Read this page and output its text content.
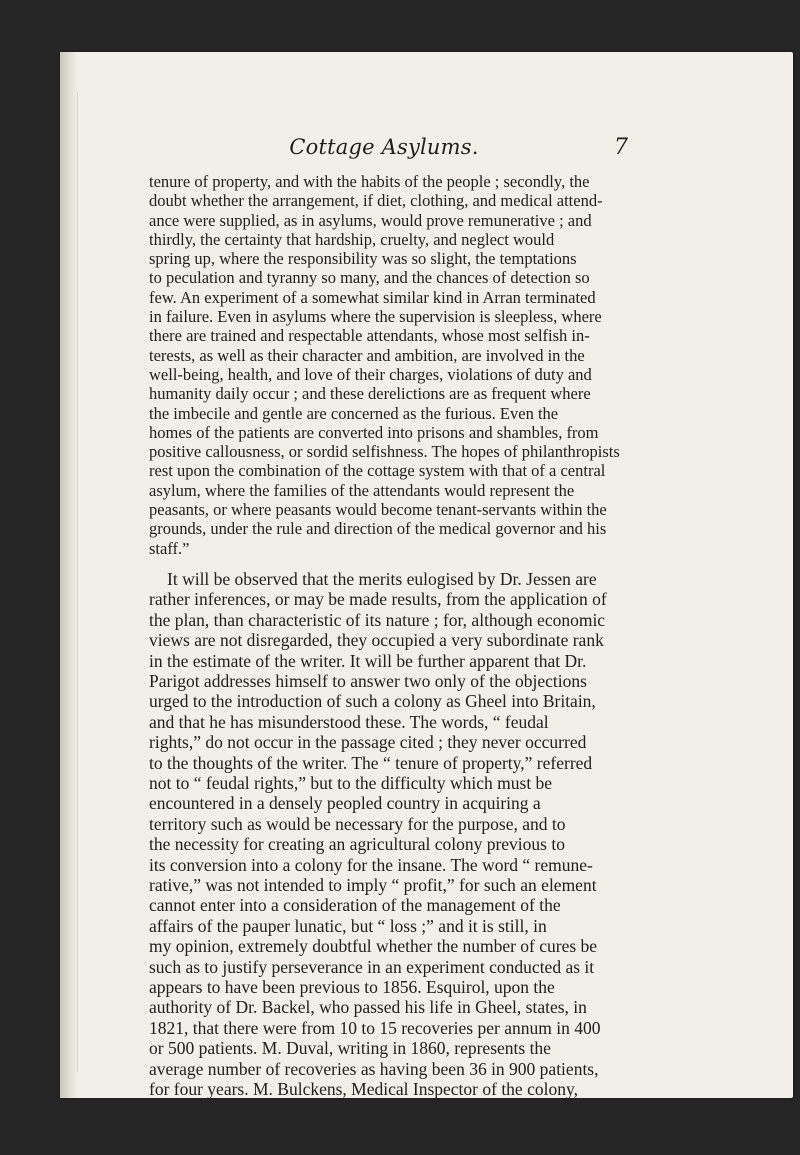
Cottage Asylums.	7

tenure of property, and with the habits of the people ; secondly, the
doubt whether the arrangement, if diet, clothing, and medical attend-
ance were supplied, as in asylums, would prove remunerative ; and
thirdly, the certainty that hardship, cruelty, and neglect would
spring up, where the responsibility was so slight, the temptations
to peculation and tyranny so many, and the chances of detection so
few. An experiment of a somewhat similar kind in Arran terminated
in failure. Even in asylums where the supervision is sleepless, where
there are trained and respectable attendants, whose most selfish in-
terests, as well as their character and ambition, are involved in the
well-being, health, and love of their charges, violations of duty and
humanity daily occur ; and these derelictions are as frequent where
the imbecile and gentle are concerned as the furious. Even the
homes of the patients are converted into prisons and shambles, from
positive callousness, or sordid selfishness. The hopes of philanthropists
rest upon the combination of the cottage system with that of a central
asylum, where the families of the attendants would represent the
peasants, or where peasants would become tenant-servants within the
grounds, under the rule and direction of the medical governor and his
staff.”

It will be observed that the merits eulogised by Dr. Jessen are
rather inferences, or may be made results, from the application of
the plan, than characteristic of its nature ; for, although economic
views are not disregarded, they occupied a very subordinate rank
in the estimate of the writer. It will be further apparent that Dr.
Parigot addresses himself to answer two only of the objections
urged to the introduction of such a colony as Gheel into Britain,
and that he has misunderstood these. The words, “ feudal
rights,” do not occur in the passage cited ; they never occurred
to the thoughts of the writer. The “ tenure of property,” referred
not to “ feudal rights,” but to the difficulty which must be
encountered in a densely peopled country in acquiring a
territory such as would be necessary for the purpose, and to
the necessity for creating an agricultural colony previous to
its conversion into a colony for the insane. The word “ remune-
rative,” was not intended to imply “ profit,” for such an element
cannot enter into a consideration of the management of the
affairs of the pauper lunatic, but “ loss ;” and it is still, in
my opinion, extremely doubtful whether the number of cures be
such as to justify perseverance in an experiment conducted as it
appears to have been previous to 1856. Esquirol, upon the
authority of Dr. Backel, who passed his life in Gheel, states, in
1821, that there were from 10 to 15 recoveries per annum in 400
or 500 patients. M. Duval, writing in 1860, represents the
average number of recoveries as having been 36 in 900 patients,
for four years. M. Bulckens, Medical Inspector of the colony,
